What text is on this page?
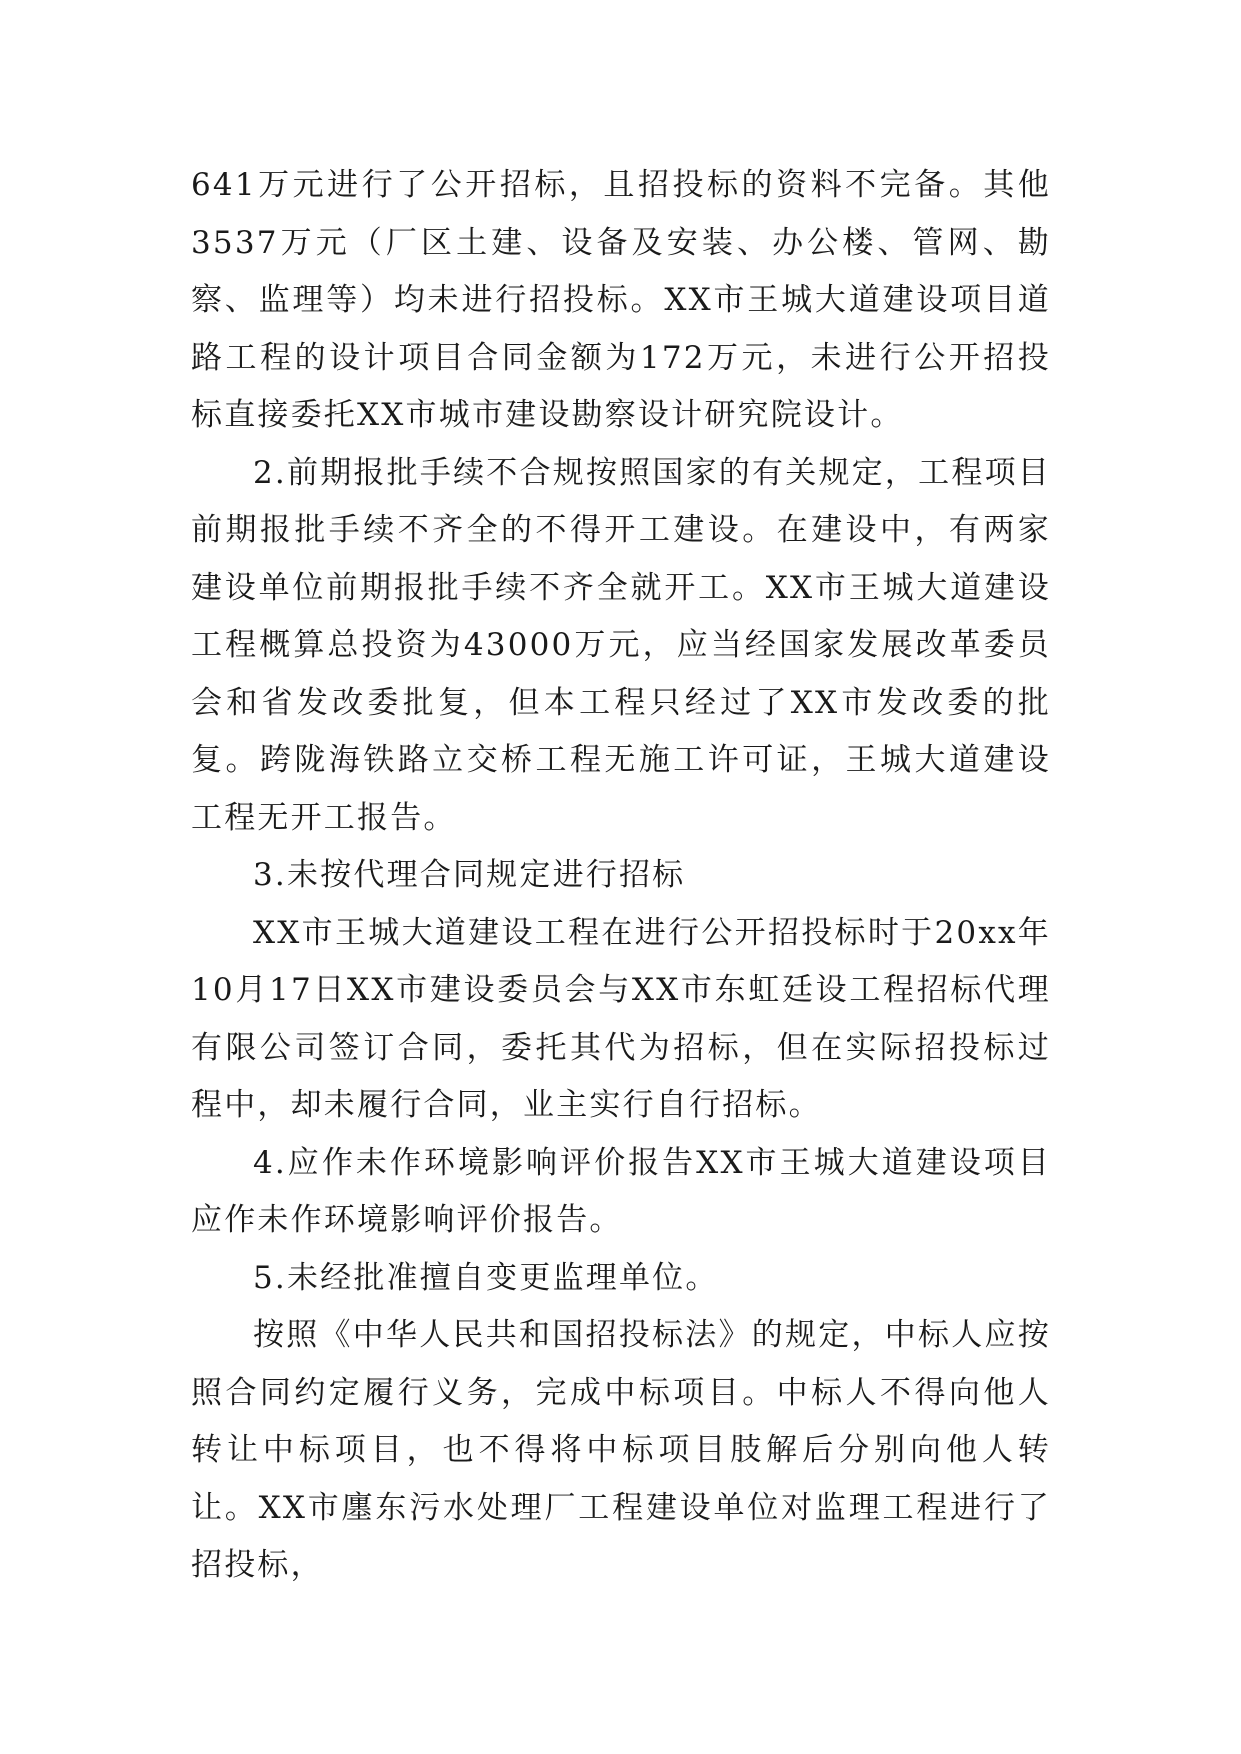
641万元进行了公开招标，且招投标的资料不完备。其他3537万元（厂区土建、设备及安装、办公楼、管网、勘察、监理等）均未进行招投标。XX市王城大道建设项目道路工程的设计项目合同金额为172万元，未进行公开招投标直接委托XX市城市建设勘察设计研究院设计。

2.前期报批手续不合规按照国家的有关规定，工程项目前期报批手续不齐全的不得开工建设。在建设中，有两家建设单位前期报批手续不齐全就开工。XX市王城大道建设工程概算总投资为43000万元，应当经国家发展改革委员会和省发改委批复，但本工程只经过了XX市发改委的批复。跨陇海铁路立交桥工程无施工许可证，王城大道建设工程无开工报告。

3.未按代理合同规定进行招标

XX市王城大道建设工程在进行公开招投标时于20xx年10月17日XX市建设委员会与XX市东虹廷设工程招标代理有限公司签订合同，委托其代为招标，但在实际招投标过程中，却未履行合同，业主实行自行招标。

4.应作未作环境影响评价报告XX市王城大道建设项目应作未作环境影响评价报告。

5.未经批准擅自变更监理单位。

按照《中华人民共和国招投标法》的规定，中标人应按照合同约定履行义务，完成中标项目。中标人不得向他人转让中标项目，也不得将中标项目肢解后分别向他人转让。XX市廛东污水处理厂工程建设单位对监理工程进行了招投标，
